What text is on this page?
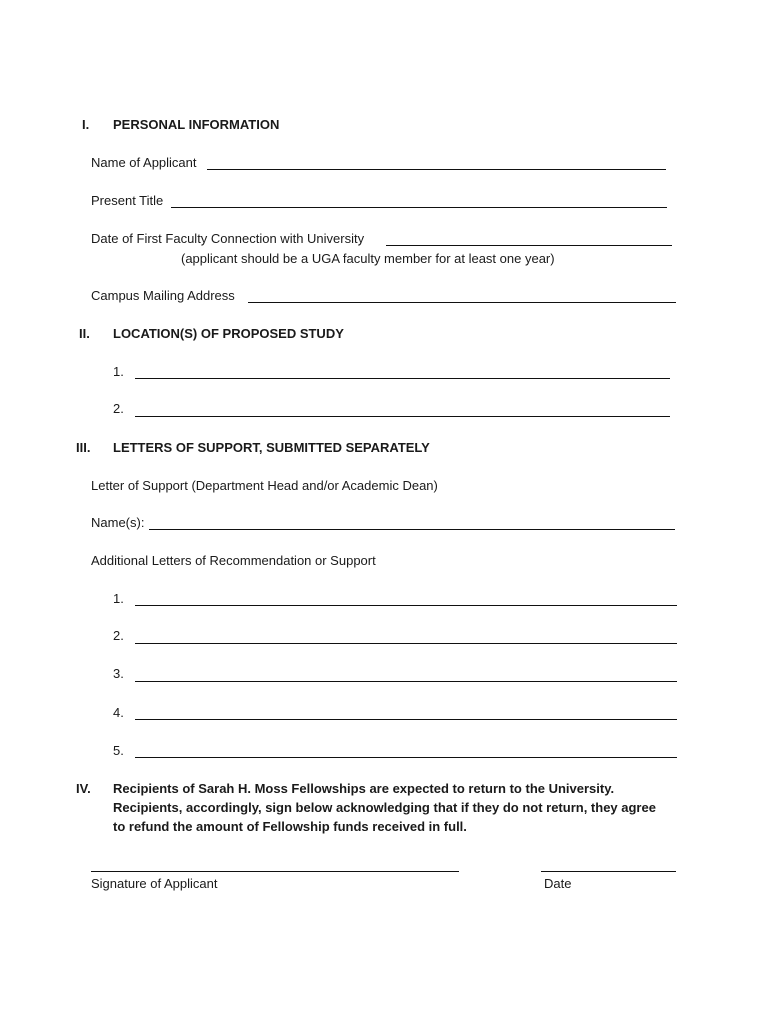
I. PERSONAL INFORMATION
Name of Applicant
Present Title
Date of First Faculty Connection with University
(applicant should be a UGA faculty member for at least one year)
Campus Mailing Address
II. LOCATION(S) OF PROPOSED STUDY
1.
2.
III. LETTERS OF SUPPORT, SUBMITTED SEPARATELY
Letter of Support (Department Head and/or Academic Dean)
Name(s):
Additional Letters of Recommendation or Support
1.
2.
3.
4.
5.
IV. Recipients of Sarah H. Moss Fellowships are expected to return to the University.
Recipients, accordingly, sign below acknowledging that if they do not return, they agree
to refund the amount of Fellowship funds received in full.
Signature of Applicant	Date
